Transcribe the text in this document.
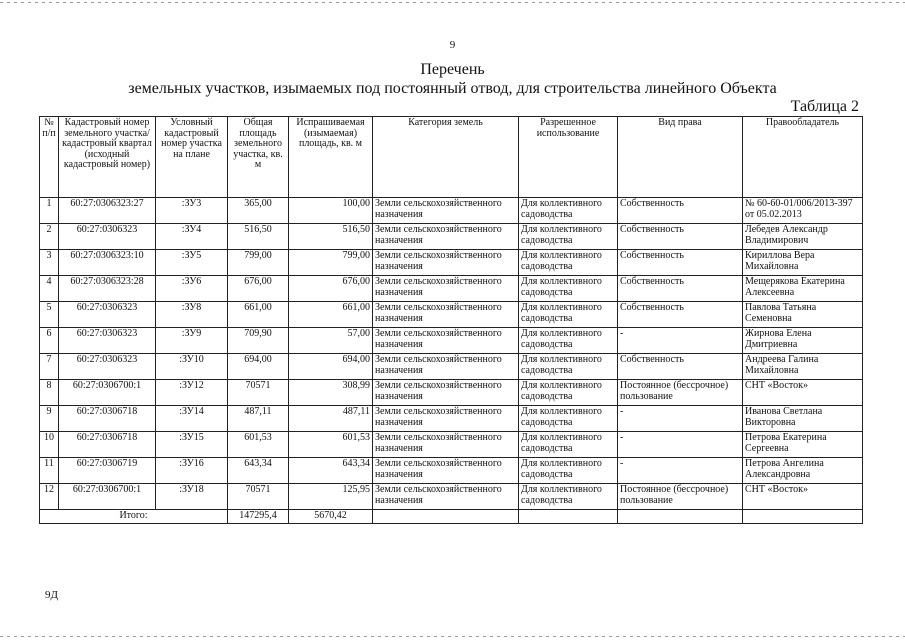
9
Перечень
земельных участков, изымаемых под постоянный отвод, для строительства линейного Объекта
Таблица 2
№ п/п	Кадастровый номер земельного участка/ кадастровый квартал (исходный кадастровый номер)	Условный кадастровый номер участка на плане	Общая площадь земельного участка, кв. м	Испрашиваемая (изымаемая) площадь, кв. м	Категория земель	Разрешенное использование	Вид права	Правообладатель
1	60:27:0306323:27	:ЗУ3	365,00	100,00	Земли сельскохозяйственного назначения	Для коллективного садоводства	Собственность	№ 60-60-01/006/2013-397 от 05.02.2013
2	60:27:0306323	:ЗУ4	516,50	516,50	Земли сельскохозяйственного назначения	Для коллективного садоводства	Собственность	Лебедев Александр Владимирович
3	60:27:0306323:10	:ЗУ5	799,00	799,00	Земли сельскохозяйственного назначения	Для коллективного садоводства	Собственность	Кириллова Вера Михайловна
4	60:27:0306323:28	:ЗУ6	676,00	676,00	Земли сельскохозяйственного назначения	Для коллективного садоводства	Собственность	Мещерякова Екатерина Алексеевна
5	60:27:0306323	:ЗУ8	661,00	661,00	Земли сельскохозяйственного назначения	Для коллективного садоводства	Собственность	Павлова Татьяна Семеновна
6	60:27:0306323	:ЗУ9	709,90	57,00	Земли сельскохозяйственного назначения	Для коллективного садоводства	-	Жирнова Елена Дмитриевна
7	60:27:0306323	:ЗУ10	694,00	694,00	Земли сельскохозяйственного назначения	Для коллективного садоводства	Собственность	Андреева Галина Михайловна
8	60:27:0306700:1	:ЗУ12	70571	308,99	Земли сельскохозяйственного назначения	Для коллективного садоводства	Постоянное (бессрочное) пользование	СНТ «Восток»
9	60:27:0306718	:ЗУ14	487,11	487,11	Земли сельскохозяйственного назначения	Для коллективного садоводства	-	Иванова Светлана Викторовна
10	60:27:0306718	:ЗУ15	601,53	601,53	Земли сельскохозяйственного назначения	Для коллективного садоводства	-	Петрова Екатерина Сергеевна
11	60:27:0306719	:ЗУ16	643,34	643,34	Земли сельскохозяйственного назначения	Для коллективного садоводства	-	Петрова Ангелина Александровна
12	60:27:0306700:1	:ЗУ18	70571	125,95	Земли сельскохозяйственного назначения	Для коллективного садоводства	Постоянное (бессрочное) пользование	СНТ «Восток»
Итого:			147295,4	5670,42				
9Д
